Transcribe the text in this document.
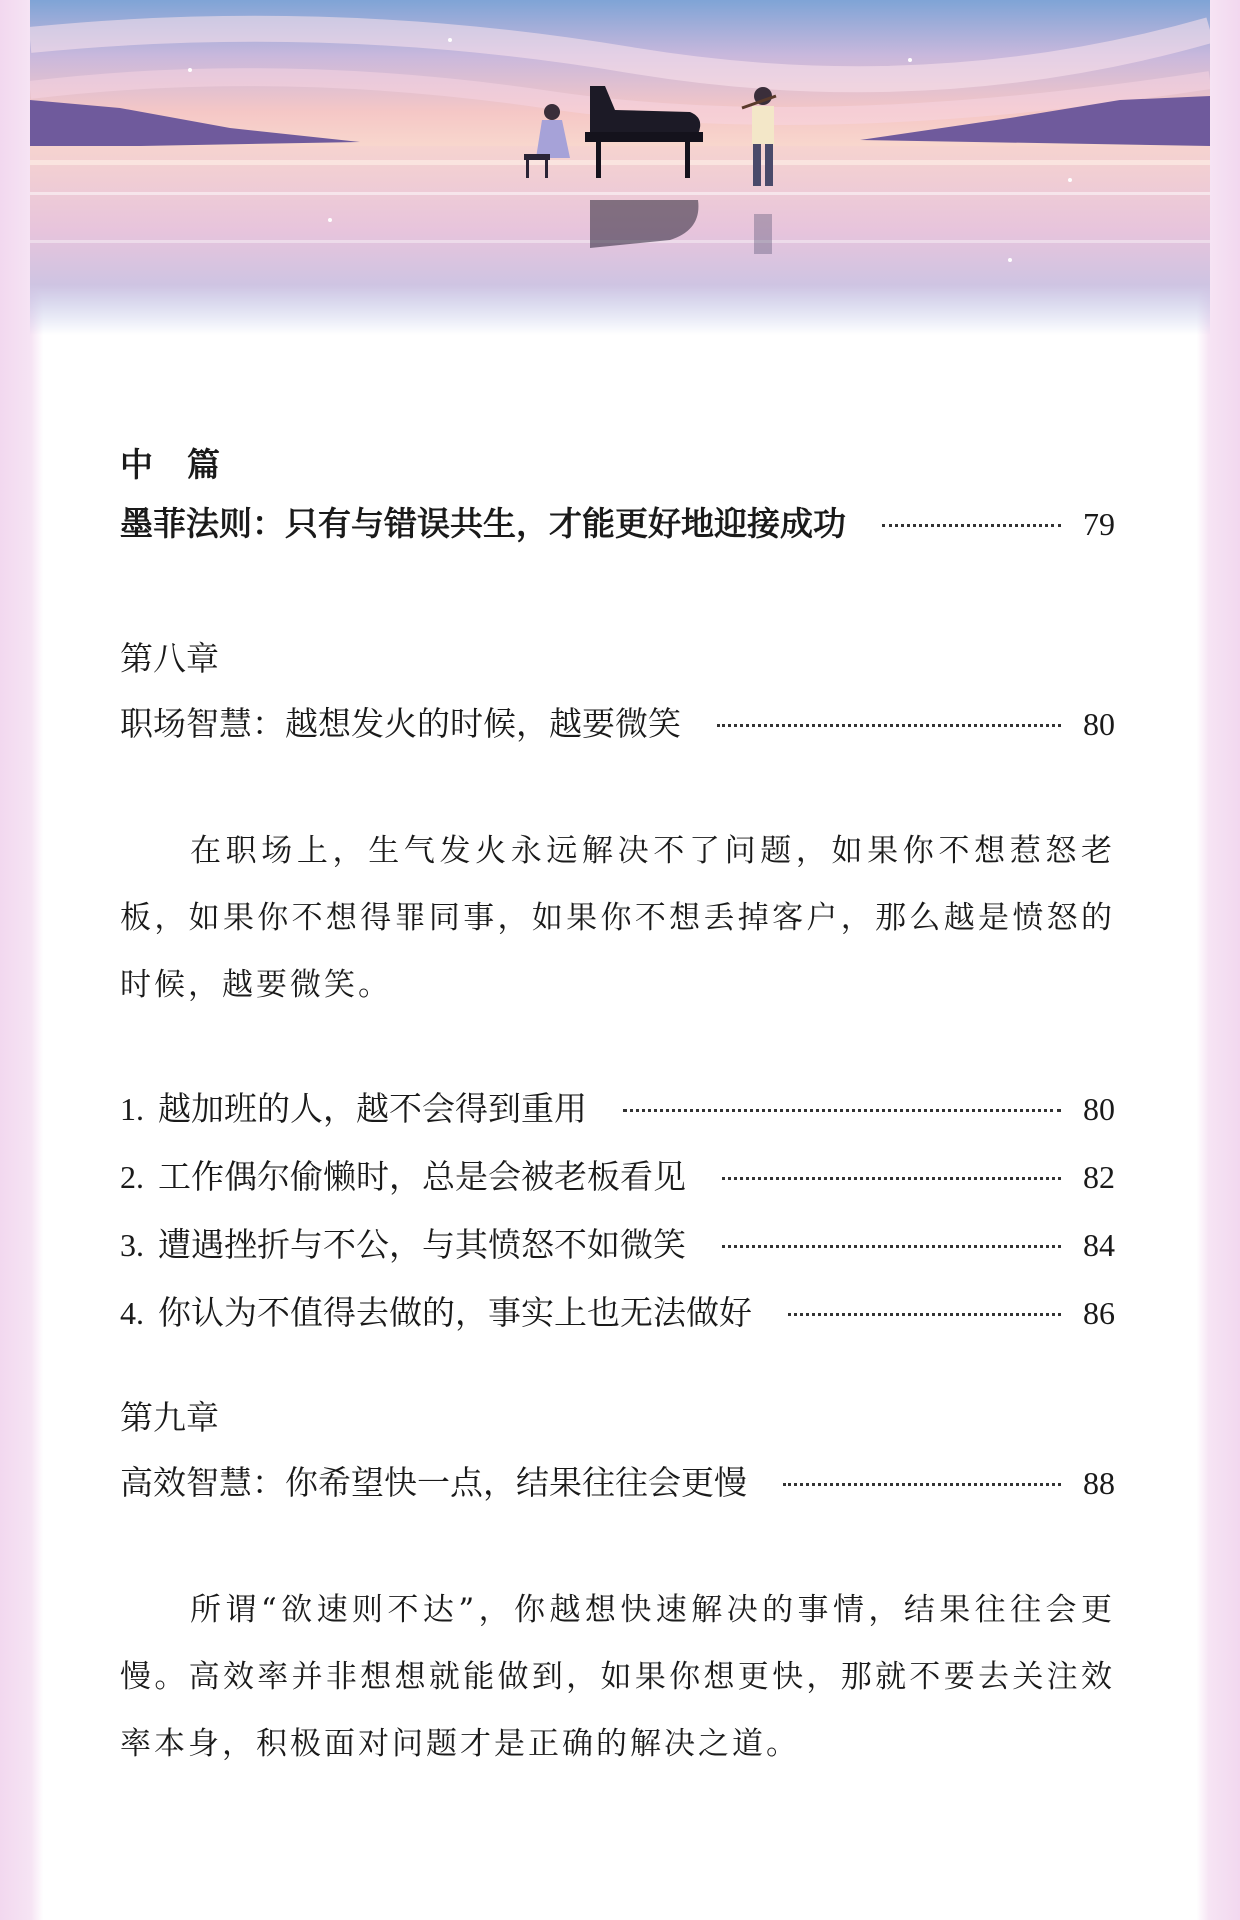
中篇
墨菲法则：只有与错误共生，才能更好地迎接成功	79
第八章
职场智慧：越想发火的时候，越要微笑	80

在职场上，生气发火永远解决不了问题，如果你不想惹怒老板，如果你不想得罪同事，如果你不想丢掉客户，那么越是愤怒的时候，越要微笑。

1. 越加班的人，越不会得到重用	80
2. 工作偶尔偷懒时，总是会被老板看见	82
3. 遭遇挫折与不公，与其愤怒不如微笑	84
4. 你认为不值得去做的，事实上也无法做好	86
第九章
高效智慧：你希望快一点，结果往往会更慢	88

所谓“欲速则不达”，你越想快速解决的事情，结果往往会更慢。高效率并非想想就能做到，如果你想更快，那就不要去关注效率本身，积极面对问题才是正确的解决之道。
